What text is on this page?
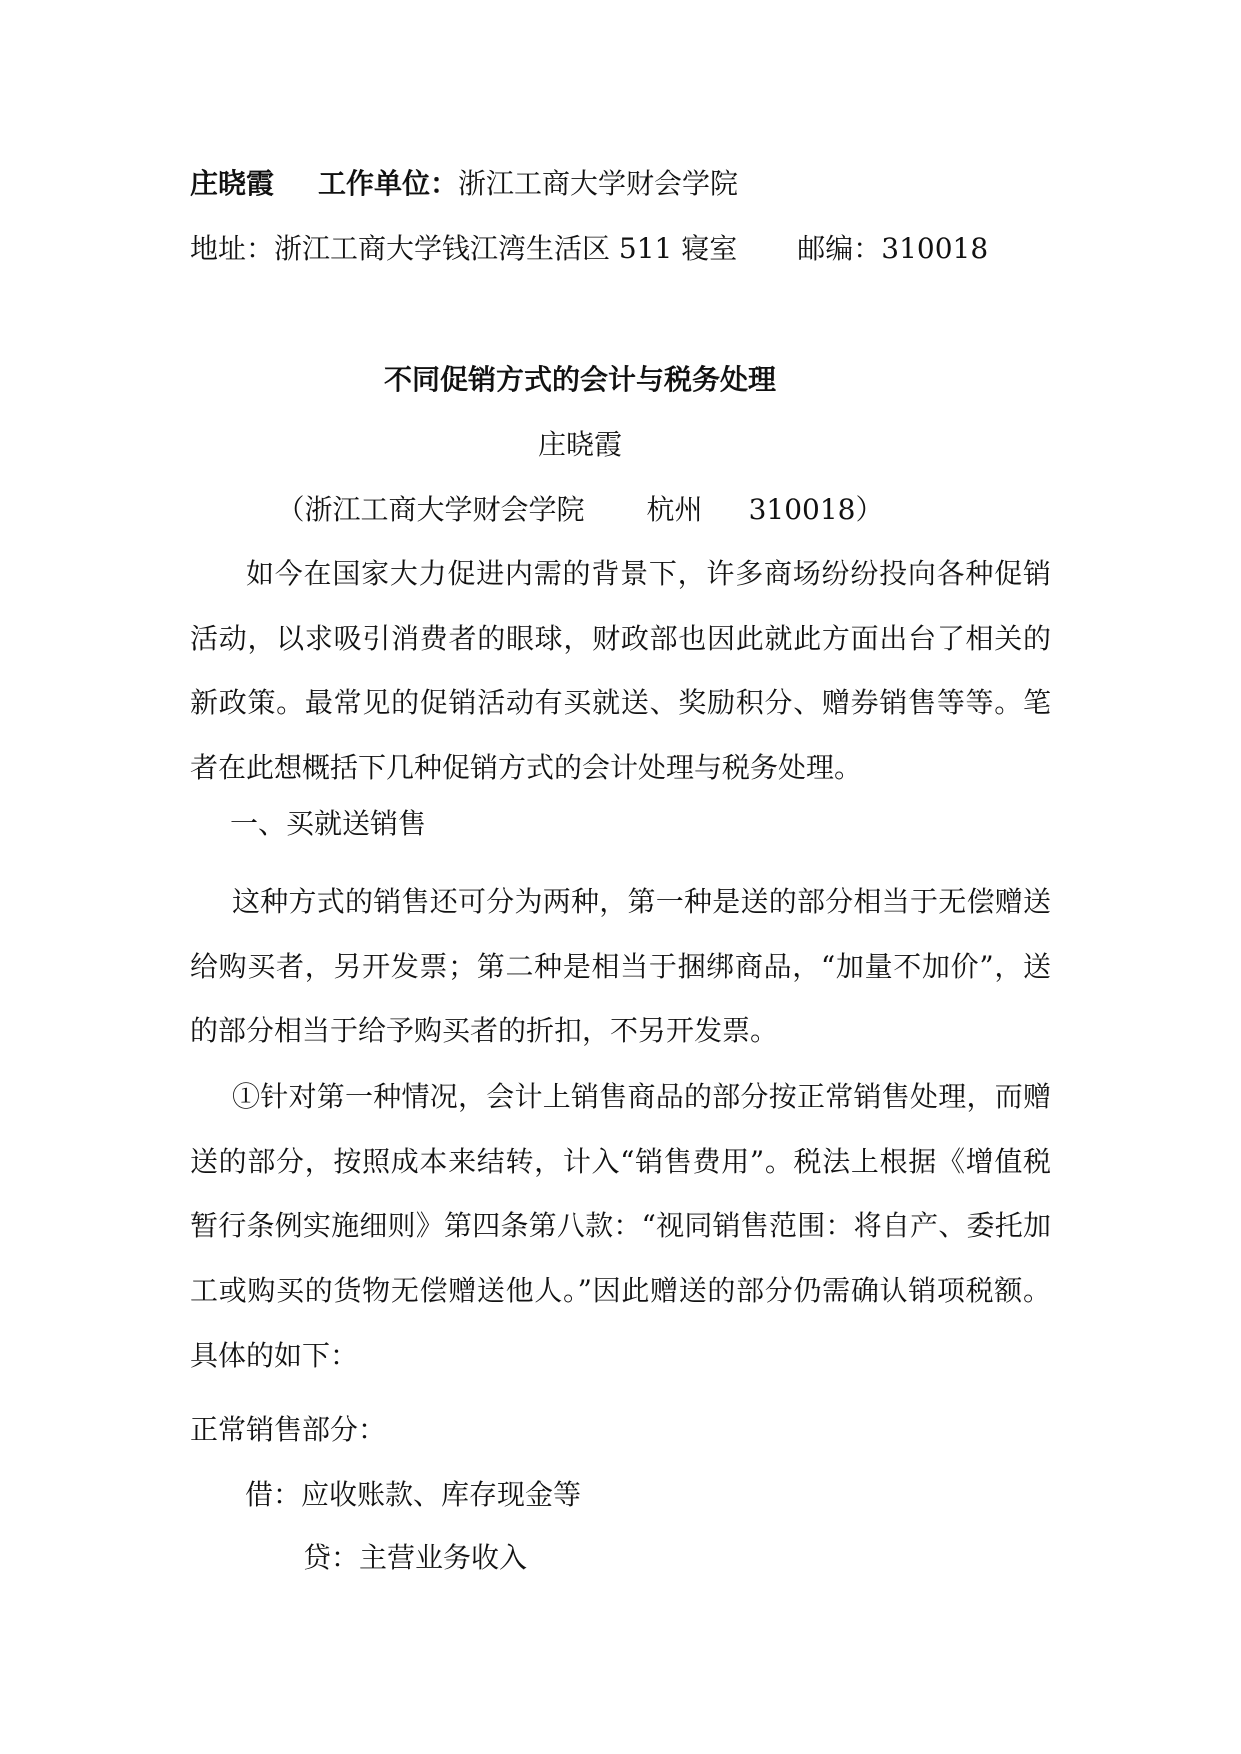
庄晓霞 工作单位：浙江工商大学财会学院
地址：浙江工商大学钱江湾生活区 511 寝室 邮编：310018
不同促销方式的会计与税务处理
庄晓霞
（浙江工商大学财会学院 杭州 310018）

如今在国家大力促进内需的背景下，许多商场纷纷投向各种促销活动，以求吸引消费者的眼球，财政部也因此就此方面出台了相关的新政策。最常见的促销活动有买就送、奖励积分、赠券销售等等。笔者在此想概括下几种促销方式的会计处理与税务处理。

一、买就送销售

这种方式的销售还可分为两种，第一种是送的部分相当于无偿赠送给购买者，另开发票；第二种是相当于捆绑商品，“加量不加价”，送的部分相当于给予购买者的折扣，不另开发票。

①针对第一种情况，会计上销售商品的部分按正常销售处理，而赠送的部分，按照成本来结转，计入“销售费用”。税法上根据《增值税暂行条例实施细则》第四条第八款：“视同销售范围：将自产、委托加工或购买的货物无偿赠送他人。”因此赠送的部分仍需确认销项税额。具体的如下：

正常销售部分：
借：应收账款、库存现金等
贷：主营业务收入
